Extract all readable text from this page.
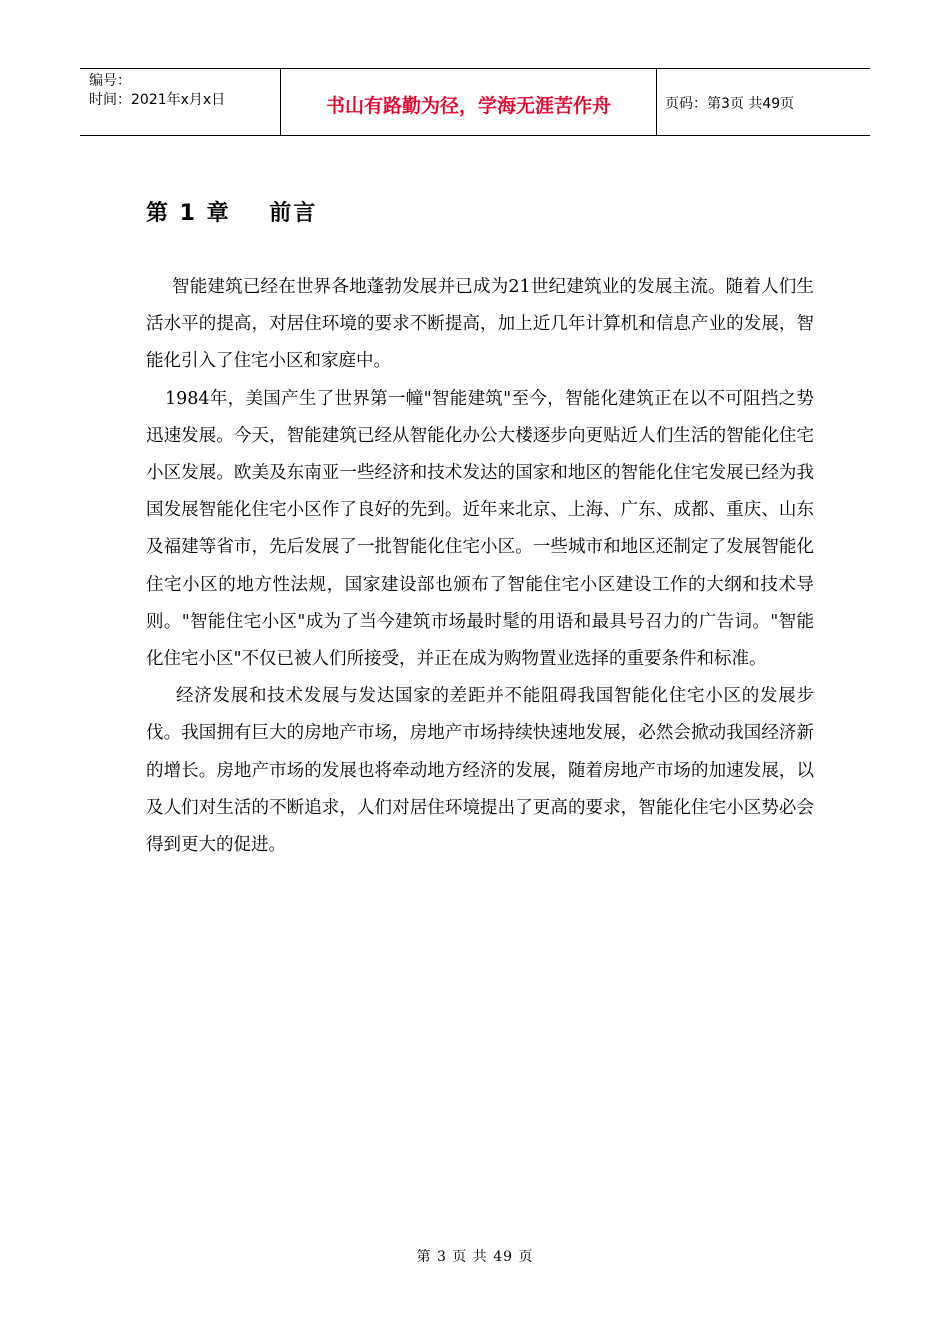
编号：
时间：2021年x月x日	书山有路勤为径，学海无涯苦作舟	页码：第3页 共49页
第 1 章    前言

智能建筑已经在世界各地蓬勃发展并已成为21世纪建筑业的发展主流。随着人们生活水平的提高，对居住环境的要求不断提高，加上近几年计算机和信息产业的发展，智能化引入了住宅小区和家庭中。

1984年，美国产生了世界第一幢"智能建筑"至今，智能化建筑正在以不可阻挡之势迅速发展。今天，智能建筑已经从智能化办公大楼逐步向更贴近人们生活的智能化住宅小区发展。欧美及东南亚一些经济和技术发达的国家和地区的智能化住宅发展已经为我国发展智能化住宅小区作了良好的先到。近年来北京、上海、广东、成都、重庆、山东及福建等省市，先后发展了一批智能化住宅小区。一些城市和地区还制定了发展智能化住宅小区的地方性法规，国家建设部也颁布了智能住宅小区建设工作的大纲和技术导则。"智能住宅小区"成为了当今建筑市场最时髦的用语和最具号召力的广告词。"智能化住宅小区"不仅已被人们所接受，并正在成为购物置业选择的重要条件和标准。

经济发展和技术发展与发达国家的差距并不能阻碍我国智能化住宅小区的发展步伐。我国拥有巨大的房地产市场，房地产市场持续快速地发展，必然会掀动我国经济新的增长。房地产市场的发展也将牵动地方经济的发展，随着房地产市场的加速发展，以及人们对生活的不断追求，人们对居住环境提出了更高的要求，智能化住宅小区势必会得到更大的促进。

第 3 页 共 49 页
